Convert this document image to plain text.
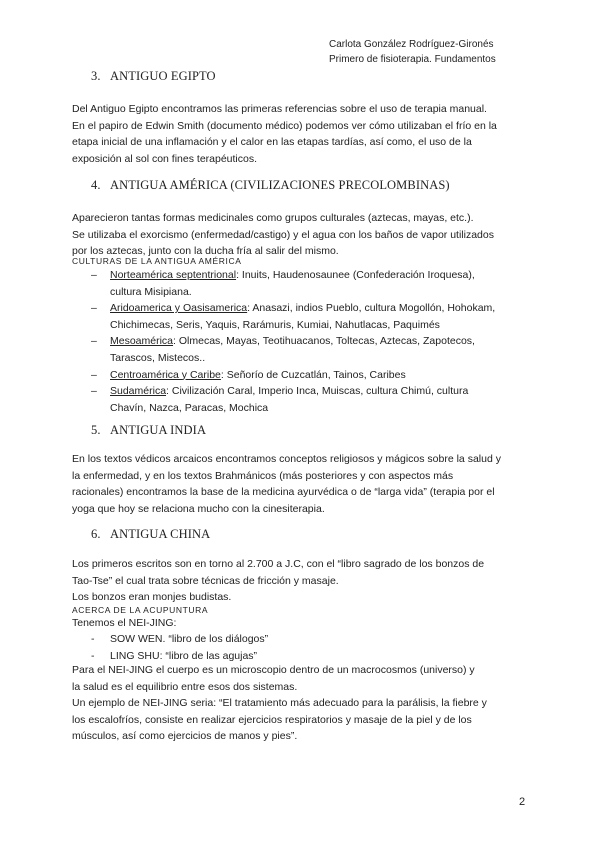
Carlota González Rodríguez-Gironés
Primero de fisioterapia. Fundamentos
3. ANTIGUO EGIPTO
Del Antiguo Egipto encontramos las primeras referencias sobre el uso de terapia manual.
En el papiro de Edwin Smith (documento médico) podemos ver cómo utilizaban el frío en la
etapa inicial de una inflamación y el calor en las etapas tardías, así como, el uso de la
exposición al sol con fines terapéuticos.
4. ANTIGUA AMÉRICA (CIVILIZACIONES PRECOLOMBINAS)
Aparecieron tantas formas medicinales como grupos culturales (aztecas, mayas, etc.).
Se utilizaba el exorcismo (enfermedad/castigo) y el agua con los baños de vapor utilizados
por los aztecas, junto con la ducha fría al salir del mismo.
CULTURAS DE LA ANTIGUA AMÉRICA
– Norteamérica septentrional: Inuits, Haudenosaunee (Confederación Iroquesa),
cultura Misipiana.
– Aridoamerica y Oasisamerica: Anasazi, indios Pueblo, cultura Mogollón, Hohokam,
Chichimecas, Seris, Yaquis, Rarámuris, Kumiai, Nahutlacas, Paquimés
– Mesoamérica: Olmecas, Mayas, Teotihuacanos, Toltecas, Aztecas, Zapotecos,
Tarascos, Mistecos..
– Centroamérica y Caribe: Señorío de Cuzcatlán, Tainos, Caribes
– Sudamérica: Civilización Caral, Imperio Inca, Muiscas, cultura Chimú, cultura
Chavín, Nazca, Paracas, Mochica
5. ANTIGUA INDIA
En los textos védicos arcaicos encontramos conceptos religiosos y mágicos sobre la salud y
la enfermedad, y en los textos Brahmánicos (más posteriores y con aspectos más
racionales) encontramos la base de la medicina ayurvédica o de “larga vida” (terapia por el
yoga que hoy se relaciona mucho con la cinesiterapia.
6. ANTIGUA CHINA
Los primeros escritos son en torno al 2.700 a J.C, con el “libro sagrado de los bonzos de
Tao-Tse” el cual trata sobre técnicas de fricción y masaje.
Los bonzos eran monjes budistas.
ACERCA DE LA ACUPUNTURA
Tenemos el NEI-JING:
- SOW WEN. “libro de los diálogos”
- LING SHU: “libro de las agujas”
Para el NEI-JING el cuerpo es un microscopio dentro de un macrocosmos (universo) y
la salud es el equilibrio entre esos dos sistemas.
Un ejemplo de NEI-JING seria: “El tratamiento más adecuado para la parálisis, la fiebre y
los escalofríos, consiste en realizar ejercicios respiratorios y masaje de la piel y de los
músculos, así como ejercicios de manos y pies”.
2
